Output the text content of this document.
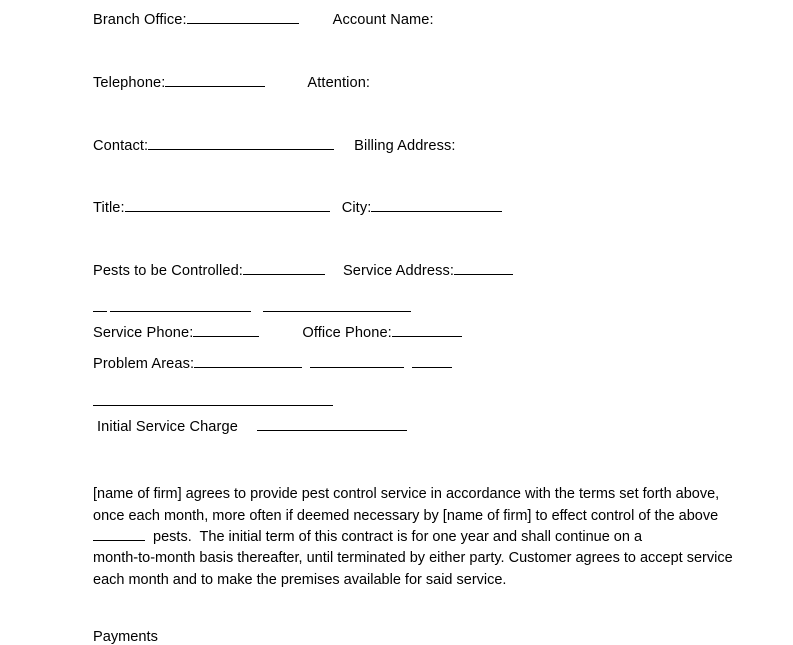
Branch Office:	Account Name:
Telephone:	Attention:
Contact:	Billing Address:
Title:	City:
Pests to be Controlled:	Service Address:
Service Phone:	Office Phone:
Problem Areas:
Initial Service Charge
[name of firm] agrees to provide pest control service in accordance with the terms set forth above,
once each month, more often if deemed necessary by [name of firm] to effect control of the above
pests.  The initial term of this contract is for one year and shall continue on a
month-to-month basis thereafter, until terminated by either party. Customer agrees to accept service
each month and to make the premises available for said service.
Payments
